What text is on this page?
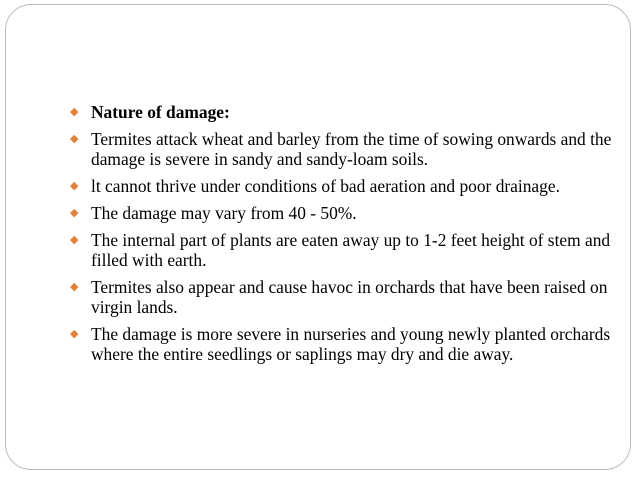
◆ Nature of damage:
◆ Termites attack wheat and barley from the time of sowing onwards and the damage is severe in sandy and sandy-loam soils.
◆ lt cannot thrive under conditions of bad aeration and poor drainage.
◆ The damage may vary from 40 - 50%.
◆ The internal part of plants are eaten away up to 1-2 feet height of stem and filled with earth.
◆ Termites also appear and cause havoc in orchards that have been raised on virgin lands.
◆ The damage is more severe in nurseries and young newly planted orchards where the entire seedlings or saplings may dry and die away.
